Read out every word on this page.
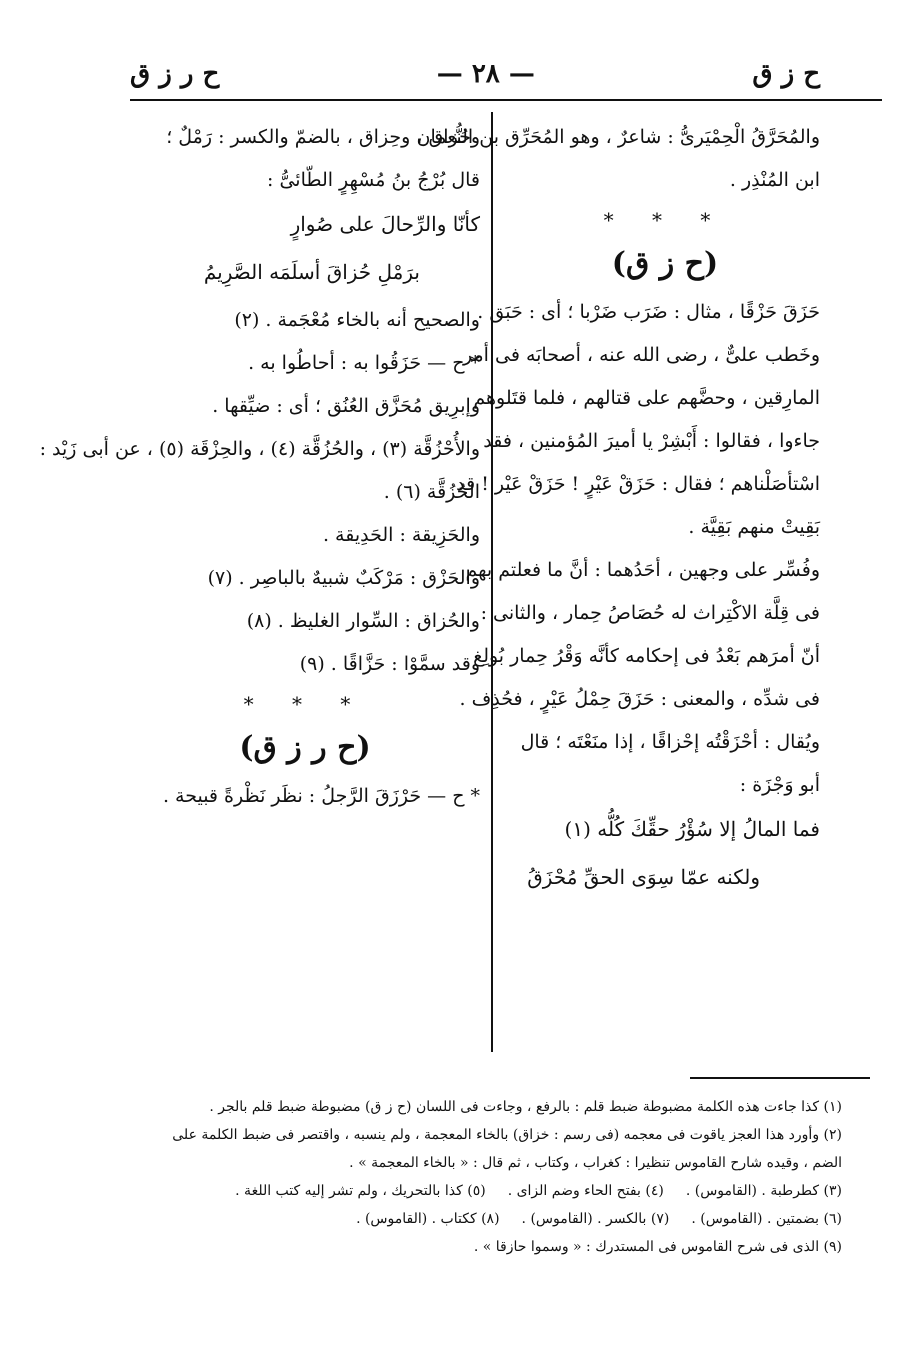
ح ز ق
— ٢٨ —
ح ر ز ق

والمُحَرَّقُ الْحِمْيَرىُّ : شاعرٌ ، وهو المُحَرِّق بن النُّعمان

ابن المُنْذِر .

* * *
(ح ز ق)

حَزَقَ حَزْقًا ، مثال : ضَرَب ضَرْبا ؛ أى : حَبَق .

وخَطب علىٌّ ، رضى الله عنه ، أصحابَه فى أمر

المارِقين ، وحضَّهم على قتالهم ، فلما قتَلوهم

جاءوا ، فقالوا : أَبْشِرْ يا أميرَ المُؤمنين ، فقد

اسْتأصَلْناهم ؛ فقال : حَزَقْ عَيْرٍ ! حَزَقْ عَيْر ! قد

بَقِيتْ منهم بَقِيَّة .

وفُسِّر على وجهين ، أحَدُهما : أنَّ ما فعلتم بهم

فى قِلَّة الاكْتِراث له حُصَاصُ حِمار ، والثانى :

أنّ أمرَهم بَعْدُ فى إحكامه كأنَّه وَقْرُ حِمار بُولِغ

فى شدِّه ، والمعنى : حَزَقَ حِمْلُ عَيْرٍ ، فحُذِف .

ويُقال : أحْزَقْتُه إحْزاقًا ، إذا منَعْتَه ؛ قال

أبو وَجْزَة :

فما المالُ إلا سُؤْرُ حقِّكَ كُلُّه (١)

ولكنه عمّا سِوَى الحقِّ مُحْزَقُ

وحُزاق ، وحِزاق ، بالضمّ والكسر : رَمْلٌ ؛

قال بُرْجُ بنُ مُسْهِرٍ الطّائىُّ :

كأنّا والرِّحالَ على صُوارٍ

برَمْلِ حُزاقَ أسلَمَه الصَّرِيمُ

والصحيح أنه بالخاء مُعْجَمة . (٢)

* ح — حَزَقُوا به : أحاطُوا به .

وإبرِيق مُحَزَّق العُنُق ؛ أى : ضيِّقها .

والأُحْزُقَّة (٣) ، والحُزُقَّة (٤) ، والحِزْقَة (٥) ، عن أبى زَيْد :

الحُزُقَّة (٦) .

والحَزِيقة : الحَدِيقة .

والحَزْق : مَرْكَبٌ شبيهٌ بالباصِر . (٧)

والحُزاق : السِّوار الغليظ . (٨)

وقد سمَّوْا : حَزَّاقًا . (٩)

* * *
(ح ر ز ق)

* ح — حَرْزَقَ الرَّجلُ : نظَر نَظْرةً قبيحة .

(١) كذا جاءت هذه الكلمة مضبوطة ضبط قلم : بالرفع ، وجاءت فى اللسان (ح ز ق) مضبوطة ضبط قلم بالجر .

(٢) وأورد هذا العجز ياقوت فى معجمه (فى رسم : خزاق) بالخاء المعجمة ، ولم ينسبه ، واقتصر فى ضبط الكلمة على

الضم ، وقيده شارح القاموس تنظيرا : كغراب ، وكتاب ، ثم قال : « بالخاء المعجمة » .

(٣) كطرطبة . (القاموس) .
(٤) بفتح الحاء وضم الزاى .
(٥) كذا بالتحريك ، ولم تشر إليه كتب اللغة .
(٦) بضمتين . (القاموس) .
(٧) بالكسر . (القاموس) .
(٨) ككتاب . (القاموس) .

(٩) الذى فى شرح القاموس فى المستدرك : « وسموا حازقا » .
